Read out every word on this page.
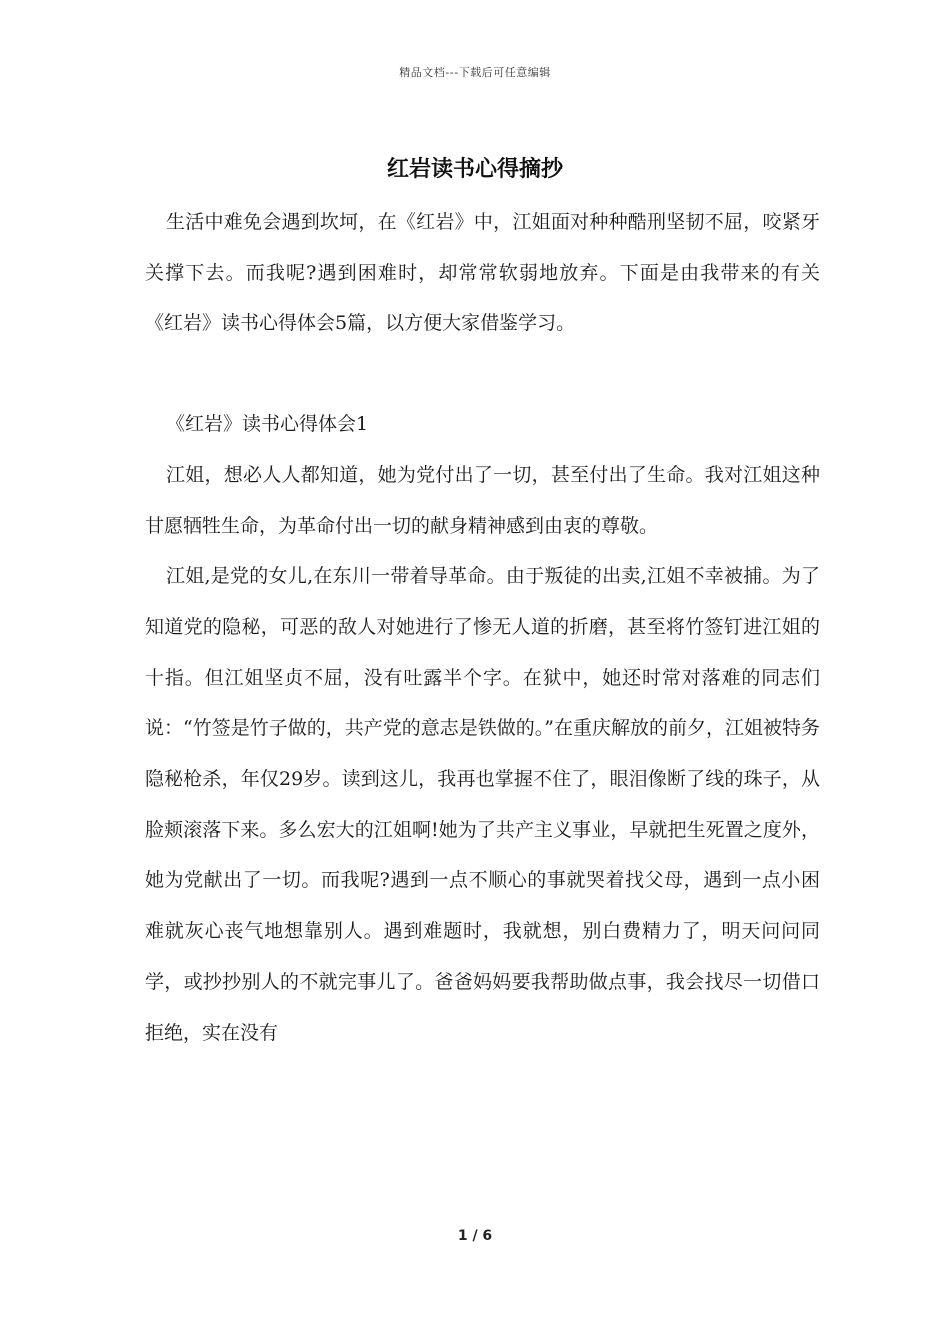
精品文档---下载后可任意编辑
红岩读书心得摘抄

生活中难免会遇到坎坷，在《红岩》中，江姐面对种种酷刑坚韧不屈，咬紧牙关撑下去。而我呢?遇到困难时，却常常软弱地放弃。下面是由我带来的有关《红岩》读书心得体会5篇，以方便大家借鉴学习。

《红岩》读书心得体会1

江姐，想必人人都知道，她为党付出了一切，甚至付出了生命。我对江姐这种甘愿牺牲生命，为革命付出一切的献身精神感到由衷的尊敬。

江姐,是党的女儿,在东川一带着导革命。由于叛徒的出卖,江姐不幸被捕。为了知道党的隐秘，可恶的敌人对她进行了惨无人道的折磨，甚至将竹签钉进江姐的十指。但江姐坚贞不屈，没有吐露半个字。在狱中，她还时常对落难的同志们说：“竹签是竹子做的，共产党的意志是铁做的。”在重庆解放的前夕，江姐被特务隐秘枪杀，年仅29岁。读到这儿，我再也掌握不住了，眼泪像断了线的珠子，从脸颊滚落下来。多么宏大的江姐啊!她为了共产主义事业，早就把生死置之度外，她为党献出了一切。而我呢?遇到一点不顺心的事就哭着找父母，遇到一点小困难就灰心丧气地想靠别人。遇到难题时，我就想，别白费精力了，明天问问同学，或抄抄别人的不就完事儿了。爸爸妈妈要我帮助做点事，我会找尽一切借口拒绝，实在没有

1 / 6
